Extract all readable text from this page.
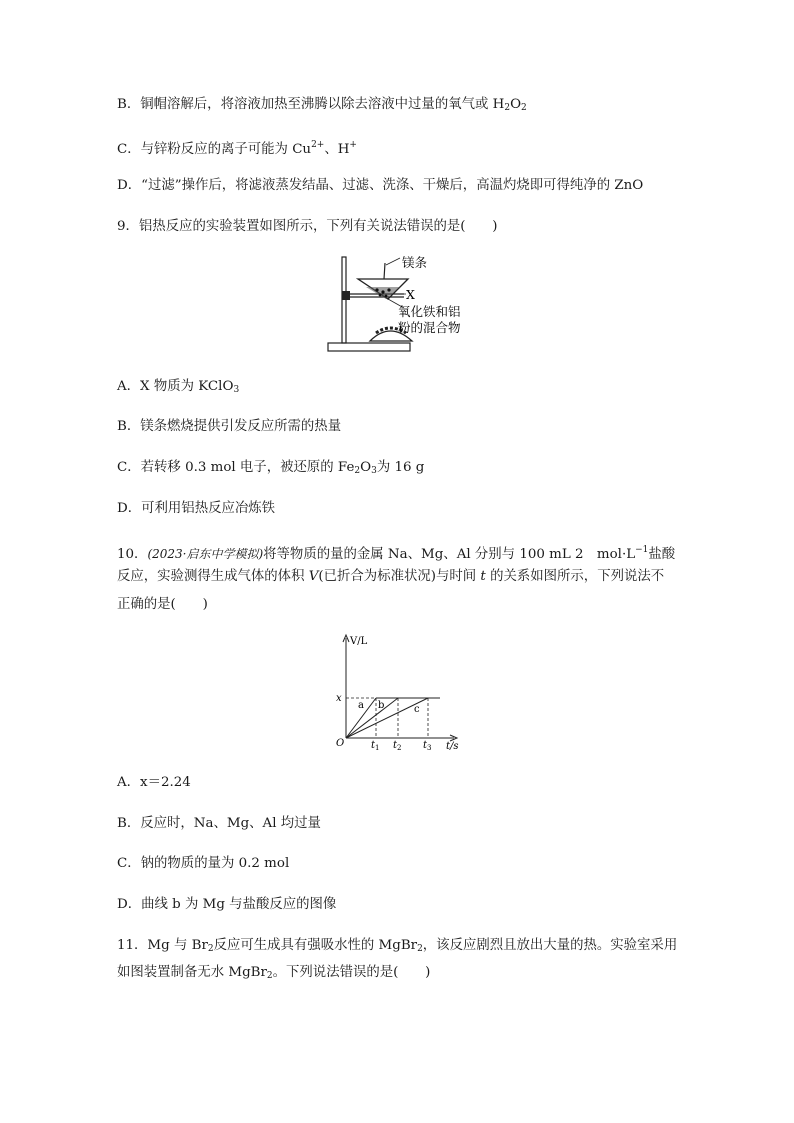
B．铜帽溶解后，将溶液加热至沸腾以除去溶液中过量的氧气或 $H_2O_2$
C．与锌粉反应的离子可能为 $Cu^{2+}$、H+
D．“过滤”操作后，将滤液蒸发结晶、过滤、洗涤、干燥后，高温灼烧即可得纯净的 ZnO
9．铝热反应的实验装置如图所示，下列有关说法错误的是(　　)
镁条
X
氧化铁和铝
粉的混合物
A．X 物质为 KClO$_3$
B．镁条燃烧提供引发反应所需的热量
C．若转移 0.3 mol 电子，被还原的 $Fe_2O_3$为 16 g
D．可利用铝热反应冶炼铁
10．(2023·启东中学模拟)将等物质的量的金属 Na、Mg、Al 分别与 100 mL 2　$mol\cdot L^{-1}$盐酸
反应，实验测得生成气体的体积 V(已折合为标准状况)与时间 t 的关系如图所示，下列说法不
正确的是(　　)
V/L
t/s
O
x
a b	c
$t_1$ $t_2$ $t_3$
A．x＝2.24
B．反应时，Na、Mg、Al 均过量
C．钠的物质的量为 0.2 mol
D．曲线 b 为 Mg 与盐酸反应的图像
11．Mg 与 $Br_2$反应可生成具有强吸水性的 MgBr$_2$，该反应剧烈且放出大量的热。实验室采用
如图装置制备无水 MgBr$_2$。下列说法错误的是(　　)
